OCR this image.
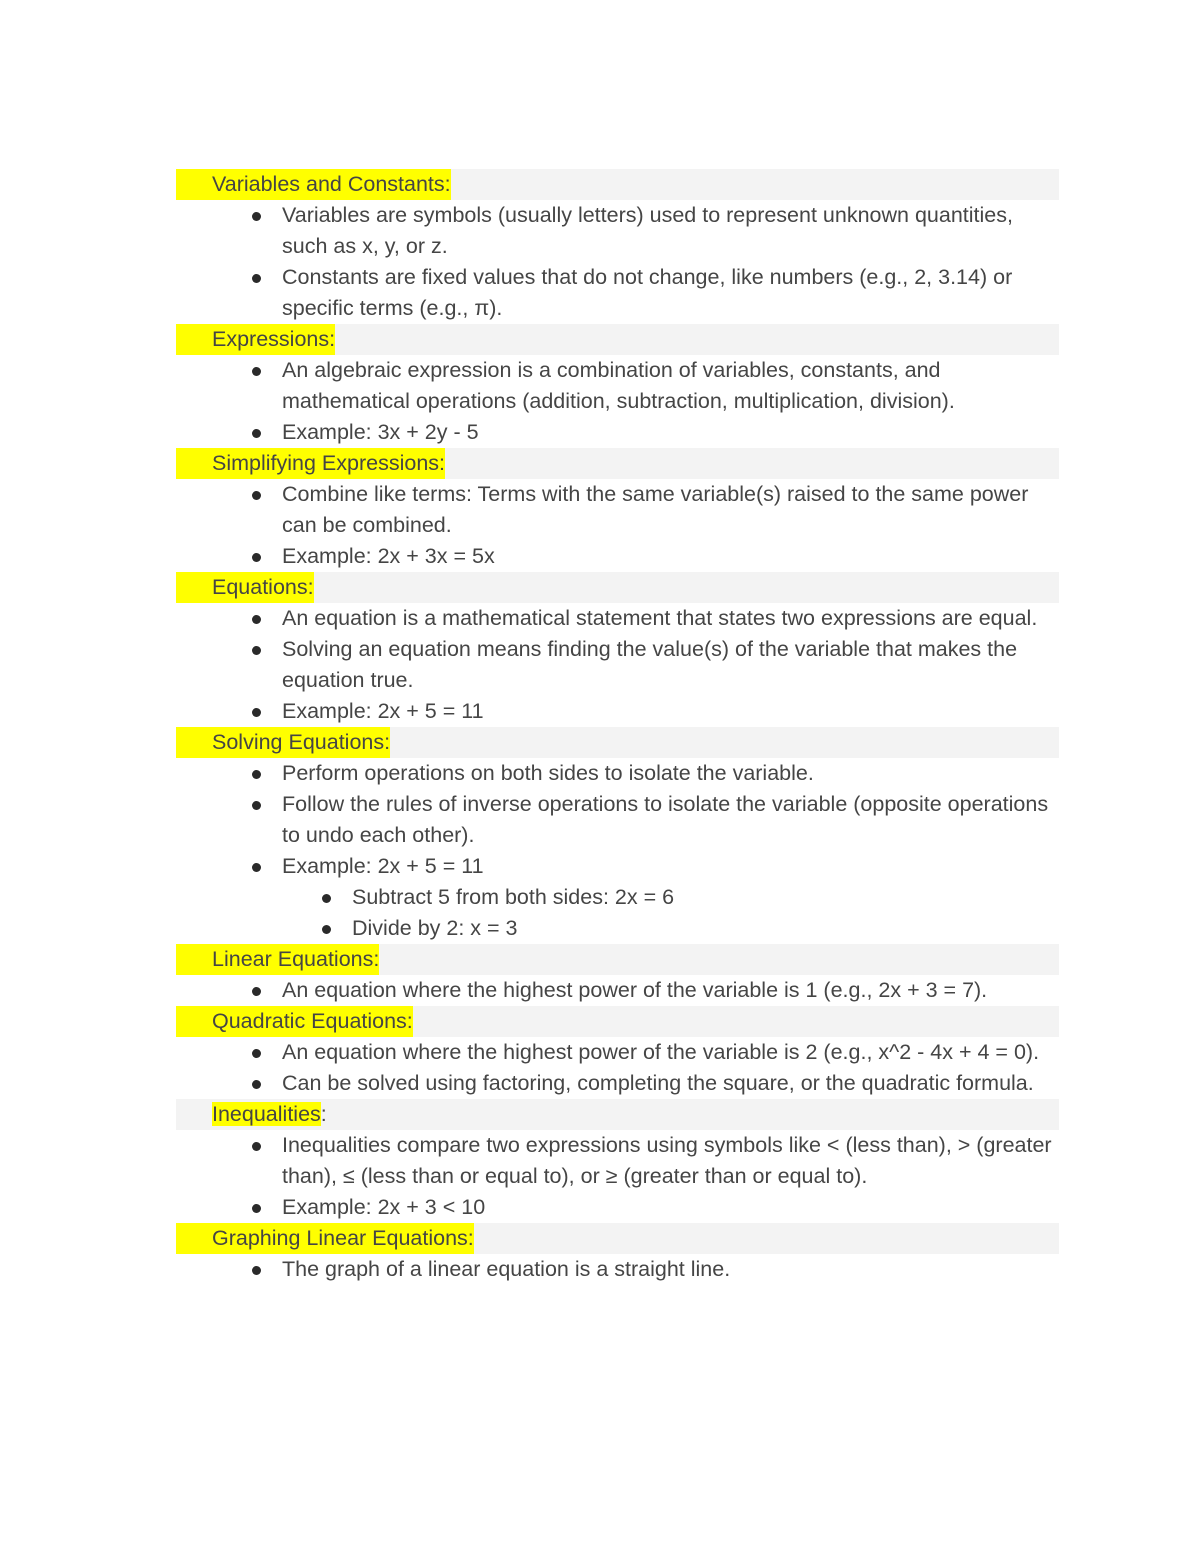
Variables and Constants:
Variables are symbols (usually letters) used to represent unknown quantities, such as x, y, or z.
Constants are fixed values that do not change, like numbers (e.g., 2, 3.14) or specific terms (e.g., π).
Expressions:
An algebraic expression is a combination of variables, constants, and mathematical operations (addition, subtraction, multiplication, division).
Example: 3x + 2y - 5
Simplifying Expressions:
Combine like terms: Terms with the same variable(s) raised to the same power can be combined.
Example: 2x + 3x = 5x
Equations:
An equation is a mathematical statement that states two expressions are equal.
Solving an equation means finding the value(s) of the variable that makes the equation true.
Example: 2x + 5 = 11
Solving Equations:
Perform operations on both sides to isolate the variable.
Follow the rules of inverse operations to isolate the variable (opposite operations to undo each other).
Example: 2x + 5 = 11
Subtract 5 from both sides: 2x = 6
Divide by 2: x = 3
Linear Equations:
An equation where the highest power of the variable is 1 (e.g., 2x + 3 = 7).
Quadratic Equations:
An equation where the highest power of the variable is 2 (e.g., x^2 - 4x + 4 = 0).
Can be solved using factoring, completing the square, or the quadratic formula.
Inequalities:
Inequalities compare two expressions using symbols like < (less than), > (greater than), ≤ (less than or equal to), or ≥ (greater than or equal to).
Example: 2x + 3 < 10
Graphing Linear Equations:
The graph of a linear equation is a straight line.
